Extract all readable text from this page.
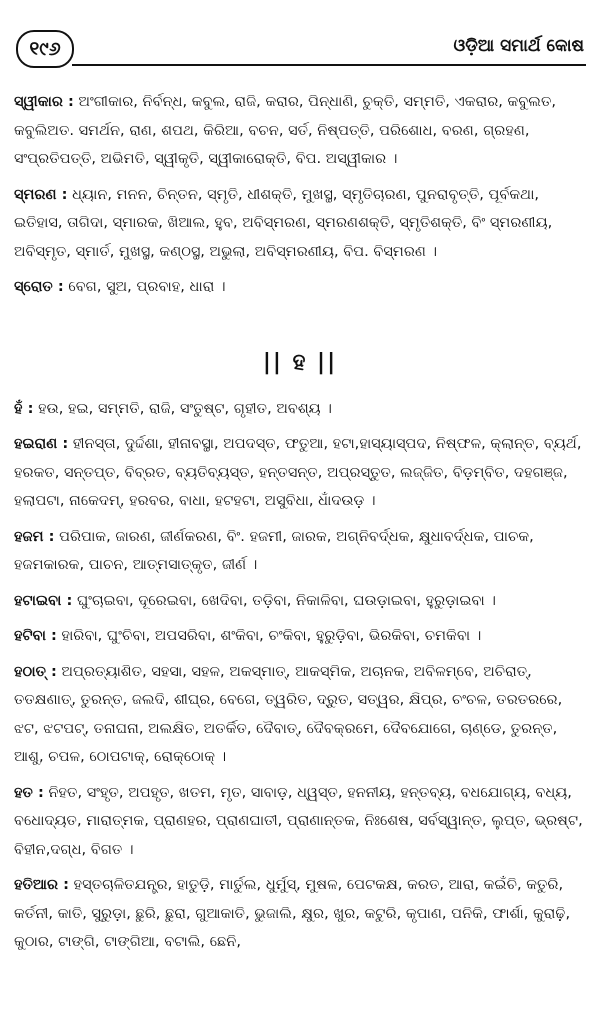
୧୯୬	ଓଡ଼ିଆ ସମାର୍ଥ କୋଷ
ସ୍ୱୀକାର : ଅଂଗୀକାର, ନିର୍ବନ୍ଧ, କବୁଲ, ରାଜି, କରାର, ପିନ୍ଧାଣି, ଚୁକ୍ତି, ସମ୍ମତି, ଏକରାର, କବୁଲତ, କବୁଲିଅତ. ସମର୍ଥନ, ରାଣ, ଶପଥ, କିରିଆ, ବଚନ, ସର୍ତ, ନିଷ୍ପତ୍ତି, ପରିଶୋଧ, ବରଣ, ଗ୍ରହଣ, ସଂପ୍ରତିପତ୍ତି, ଅଭିମତି, ସ୍ୱୀକୃତି, ସ୍ୱୀକାରୋକ୍ତି, ବିପ. ଅସ୍ୱୀକାର ।
ସ୍ମରଣ : ଧ୍ୟାନ, ମନନ, ଚିନ୍ତନ, ସ୍ମୃତି, ଧୀଶକ୍ତି, ମୁଖସ୍ଥ, ସ୍ମୃତିଚାରଣ, ପୁନରାବୃତ୍ତି, ପୂର୍ବକଥା, ଇତିହାସ, ତାଗିଦା, ସ୍ମାରକ, ଖିଆଲ, ହୁବ, ଅବିସ୍ମରଣ, ସ୍ମରଣଶକ୍ତି, ସ୍ମୃତିଶକ୍ତି, ବିଂ ସ୍ମରଣୀୟ, ଅବିସ୍ମୃତ, ସ୍ମାର୍ତ, ମୁଖସ୍ଥ, କଣ୍ଠସ୍ଥ, ଅଭୁଲା, ଅବିସ୍ମରଣୀୟ, ବିପ. ବିସ୍ମରଣ ।
ସ୍ରୋତ : ବେଗ, ସୁଅ, ପ୍ରବାହ, ଧାରା ।
|| ହ ||
ହଁ : ହଉ, ହଇ, ସମ୍ମତି, ରାଜି, ସଂତୁଷ୍ଟ, ଗୃହୀତ, ଅବଶ୍ୟ ।
ହଇରାଣ : ହୀନସ୍ତା, ଦୁର୍ଦ୍ଦଶା, ହୀନାବସ୍ଥା, ଅପଦସ୍ତ, ଫତୁଆ, ହଟା,ହାସ୍ୟାସ୍ପଦ, ନିଷ୍ଫଳ, କ୍ଲାନ୍ତ, ବ୍ୟର୍ଥ, ହରକତ, ସନ୍ତପ୍ତ, ବିବ୍ରତ, ବ୍ୟତିବ୍ୟସ୍ତ, ହନ୍ତସନ୍ତ, ଅପ୍ରସ୍ତୁତ, ଲଜ୍ଜିତ, ବିଡ଼ମ୍ବିତ, ଦହଗଞ୍ଜ, ହଲାପଟା, ନାକେଦମ୍, ହରବର, ବାଧା, ହଟହଟା, ଅସୁବିଧା, ଧାଁଦଉଡ଼ ।
ହଜମ : ପରିପାକ, ଜାରଣ, ଜୀର୍ଣକରଣ, ବିଂ. ହଜମୀ, ଜାରକ, ଅଗ୍ନିବର୍ଦ୍ଧକ, କ୍ଷୁଧାବର୍ଦ୍ଧକ, ପାଚକ, ହଜମକାରକ, ପାଚନ, ଆତ୍ମସାତ୍‌କୃତ, ଜୀର୍ଣ ।
ହଟାଇବା : ଘୁଂଚାଇବା, ଦୂରେଇବା, ଖେଦିବା, ତଡ଼ିବା, ନିକାଳିବା, ଘଉଡ଼ାଇବା, ହୁରୁଡ଼ାଇବା ।
ହଟିବା : ହାରିବା, ଘୁଂଚିବା, ଅପସରିବା, ଶଂକିବା, ଚଂକିବା, ହୁରୁଡ଼ିବା, ଭିରକିବା, ଚମକିବା ।
ହଠାତ୍ : ଅପ୍ରତ୍ୟାଶିତ, ସହସା, ସହଳ, ଅକସ୍ମାତ୍, ଆକସ୍ମିକ, ଅଚାନକ, ଅବିଳମ୍ବେ, ଅଚିରାତ୍, ତତକ୍ଷଣାତ୍, ତୁରନ୍ତ, ଜଲଦି, ଶୀଘ୍ର, ବେଗେ, ତ୍ୱରିତ, ଦ୍ରୁତ, ସତ୍ୱର, କ୍ଷିପ୍ର, ଚଂଚଳ, ତରତରରେ, ଝଟ, ଝଟପଟ୍, ତନାଘନା, ଅଲକ୍ଷିତ, ଅତର୍କିତ, ଦୈବାତ୍, ଦୈବକ୍ରମେ, ଦୈବଯୋଗେ, ଚାଣ୍ଡେ, ତୁରନ୍ତ, ଆଶୁ, ଚପଳ, ଠୋପଟାକ୍, ରୋକ୍‌ଠୋକ୍ ।
ହତ : ନିହତ, ସଂହୃତ, ଅପହୃତ, ଖତମ, ମୃତ, ସାବାଡ଼, ଧ୍ୱସ୍ତ, ହନନୀୟ, ହନ୍ତବ୍ୟ, ବଧଯୋଗ୍ୟ, ବଧ୍ୟ, ବଧୋଦ୍ୟତ, ମାରାତ୍ମକ, ପ୍ରାଣହର, ପ୍ରାଣଘାତୀ, ପ୍ରାଣାନ୍ତକ, ନିଃଶେଷ, ସର୍ବସ୍ୱାନ୍ତ, ଲୁପ୍ତ, ଭ୍ରଷ୍ଟ, ବିହୀନ,ଦଗ୍ଧ, ବିଗତ ।
ହତିଆର : ହସ୍ତଚାଳିତଯନ୍ତ୍ର, ହାତୁଡ଼ି, ମାର୍ତୁଲ, ଧୁର୍ମୁସ୍, ମୁଷଳ, ପେଟକକ୍ଷ, କରତ, ଆରା, କଇଁଚି, କତୁରି, କର୍ତନୀ, କାତି, ସୁରୁଡ଼ା, ଛୁରି, ଛୁରା, ଗୁଆକାତି, ଭୁଜାଲି, କ୍ଷୁର, ଖୁର, କଟୁରି, କୃପାଣ, ପନିକି, ଫାର୍ଶା, କୁରାଢ଼ି, କୁଠାର, ଟାଙ୍ଗି, ଟାଙ୍ଗିଆ, ବଟାଲି, ଛେନି,
